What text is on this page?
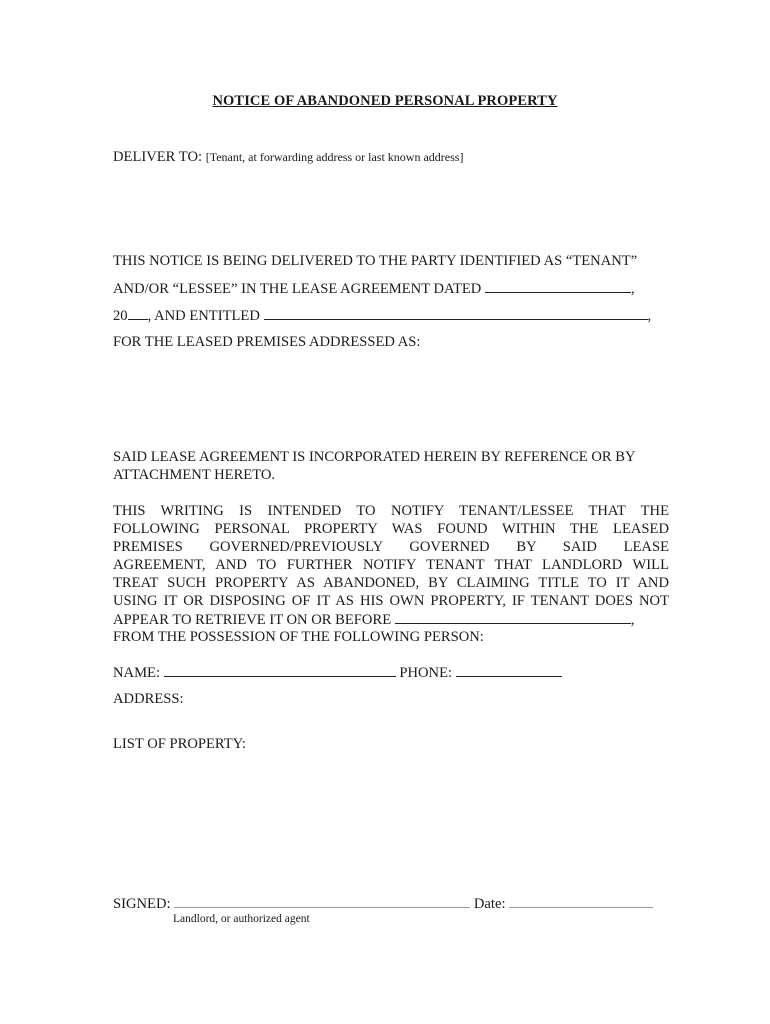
NOTICE OF ABANDONED PERSONAL PROPERTY
DELIVER TO: [Tenant, at forwarding address or last known address]
THIS NOTICE IS BEING DELIVERED TO THE PARTY IDENTIFIED AS “TENANT”
AND/OR “LESSEE” IN THE LEASE AGREEMENT DATED	,
20 , AND ENTITLED	,
FOR THE LEASED PREMISES ADDRESSED AS:
SAID LEASE AGREEMENT IS INCORPORATED HEREIN BY REFERENCE OR BY
ATTACHMENT HERETO.
THIS WRITING IS INTENDED TO NOTIFY TENANT/LESSEE THAT THE
FOLLOWING PERSONAL PROPERTY WAS FOUND WITHIN THE LEASED
PREMISES GOVERNED/PREVIOUSLY GOVERNED BY SAID LEASE
AGREEMENT, AND TO FURTHER NOTIFY TENANT THAT LANDLORD WILL
TREAT SUCH PROPERTY AS ABANDONED, BY CLAIMING TITLE TO IT AND
USING IT OR DISPOSING OF IT AS HIS OWN PROPERTY, IF TENANT DOES NOT
APPEAR TO RETRIEVE IT ON OR BEFORE	,
FROM THE POSSESSION OF THE FOLLOWING PERSON:
NAME:	PHONE:
ADDRESS:
LIST OF PROPERTY:
SIGNED:	Date:
Landlord, or authorized agent
